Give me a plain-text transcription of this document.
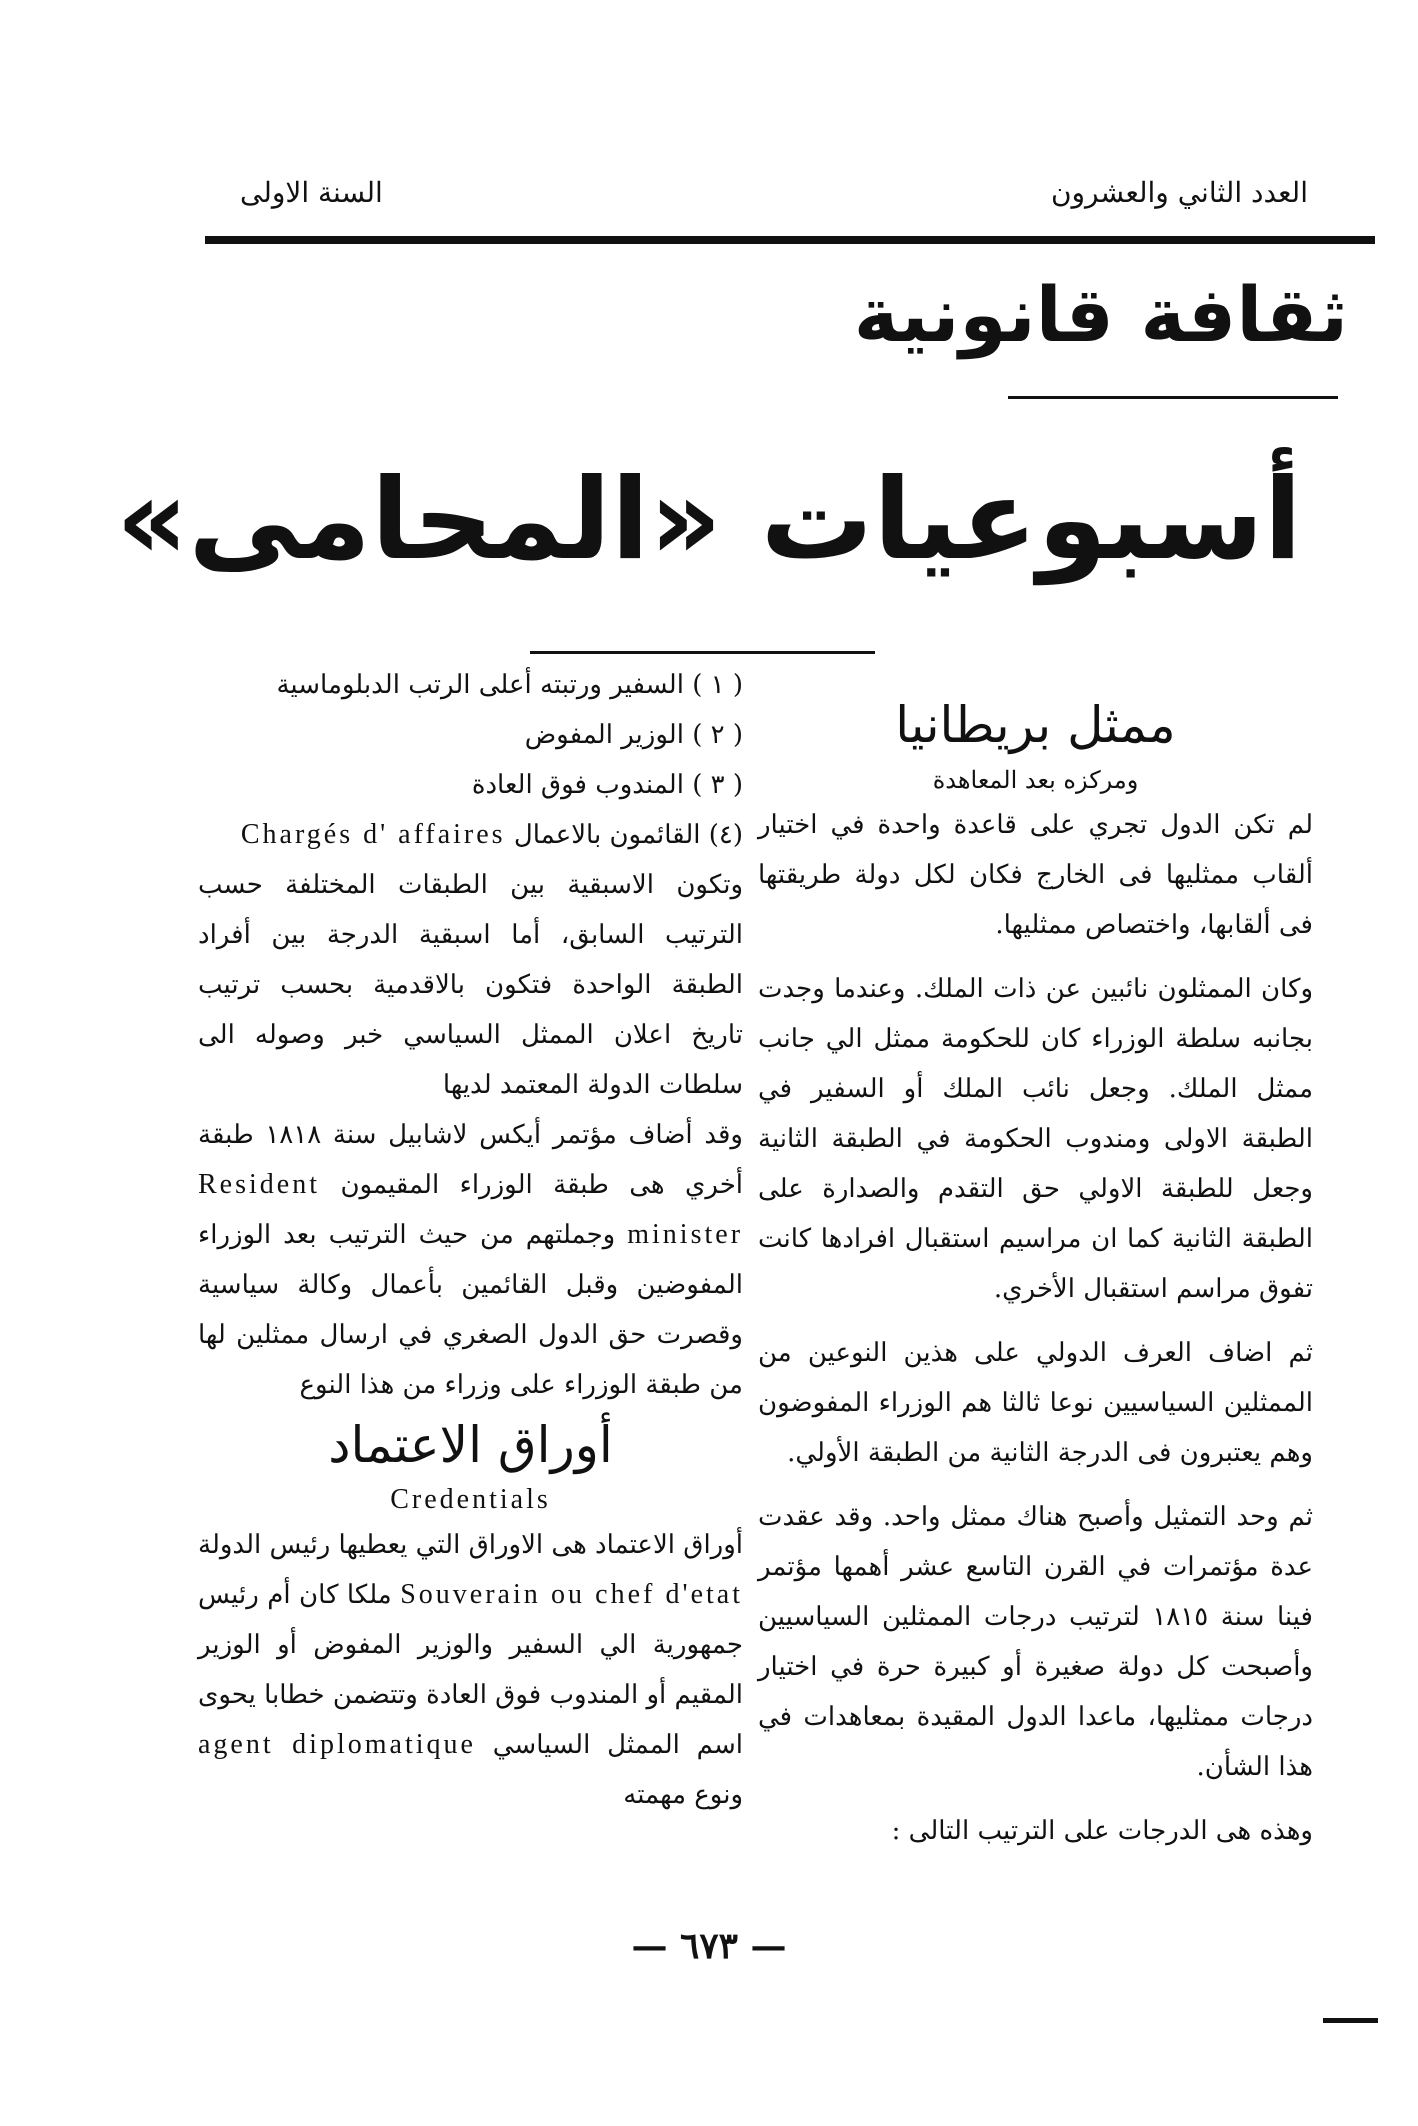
العدد الثاني والعشرون
السنة الاولى
ثقافة قانونية
أسبوعيات «المحامى»

ممثل بريطانيا

ومركزه بعد المعاهدة

لم تكن الدول تجري على قاعدة واحدة في اختيار ألقاب ممثليها فى الخارج فكان لكل دولة طريقتها فى ألقابها، واختصاص ممثليها.

وكان الممثلون نائبين عن ذات الملك. وعندما وجدت بجانبه سلطة الوزراء كان للحكومة ممثل الي جانب ممثل الملك. وجعل نائب الملك أو السفير في الطبقة الاولى ومندوب الحكومة في الطبقة الثانية وجعل للطبقة الاولي حق التقدم والصدارة على الطبقة الثانية كما ان مراسيم استقبال افرادها كانت تفوق مراسم استقبال الأخري.

ثم اضاف العرف الدولي على هذين النوعين من الممثلين السياسيين نوعا ثالثا هم الوزراء المفوضون وهم يعتبرون فى الدرجة الثانية من الطبقة الأولي.

ثم وحد التمثيل وأصبح هناك ممثل واحد. وقد عقدت عدة مؤتمرات في القرن التاسع عشر أهمها مؤتمر فينا سنة ١٨١٥ لترتيب درجات الممثلين السياسيين وأصبحت كل دولة صغيرة أو كبيرة حرة في اختيار درجات ممثليها، ماعدا الدول المقيدة بمعاهدات في هذا الشأن.

وهذه هى الدرجات على الترتيب التالى :

( ١ ) السفير ورتبته أعلى الرتب الدبلوماسية

( ٢ ) الوزير المفوض

( ٣ ) المندوب فوق العادة

(٤) القائمون بالاعمال Chargés d' affaires

وتكون الاسبقية بين الطبقات المختلفة حسب الترتيب السابق، أما اسبقية الدرجة بين أفراد الطبقة الواحدة فتكون بالاقدمية بحسب ترتيب تاريخ اعلان الممثل السياسي خبر وصوله الى سلطات الدولة المعتمد لديها

وقد أضاف مؤتمر أيكس لاشابيل سنة ١٨١٨ طبقة أخري هى طبقة الوزراء المقيمون Resident minister وجملتهم من حيث الترتيب بعد الوزراء المفوضين وقبل القائمين بأعمال وكالة سياسية وقصرت حق الدول الصغري في ارسال ممثلين لها من طبقة الوزراء على وزراء من هذا النوع

أوراق الاعتماد

Credentials

أوراق الاعتماد هى الاوراق التي يعطيها رئيس الدولة Souverain ou chef d'etat ملكا كان أم رئيس جمهورية الي السفير والوزير المفوض أو الوزير المقيم أو المندوب فوق العادة وتتضمن خطابا يحوى اسم الممثل السياسي agent diplomatique ونوع مهمته

— ٦٧٣ —
